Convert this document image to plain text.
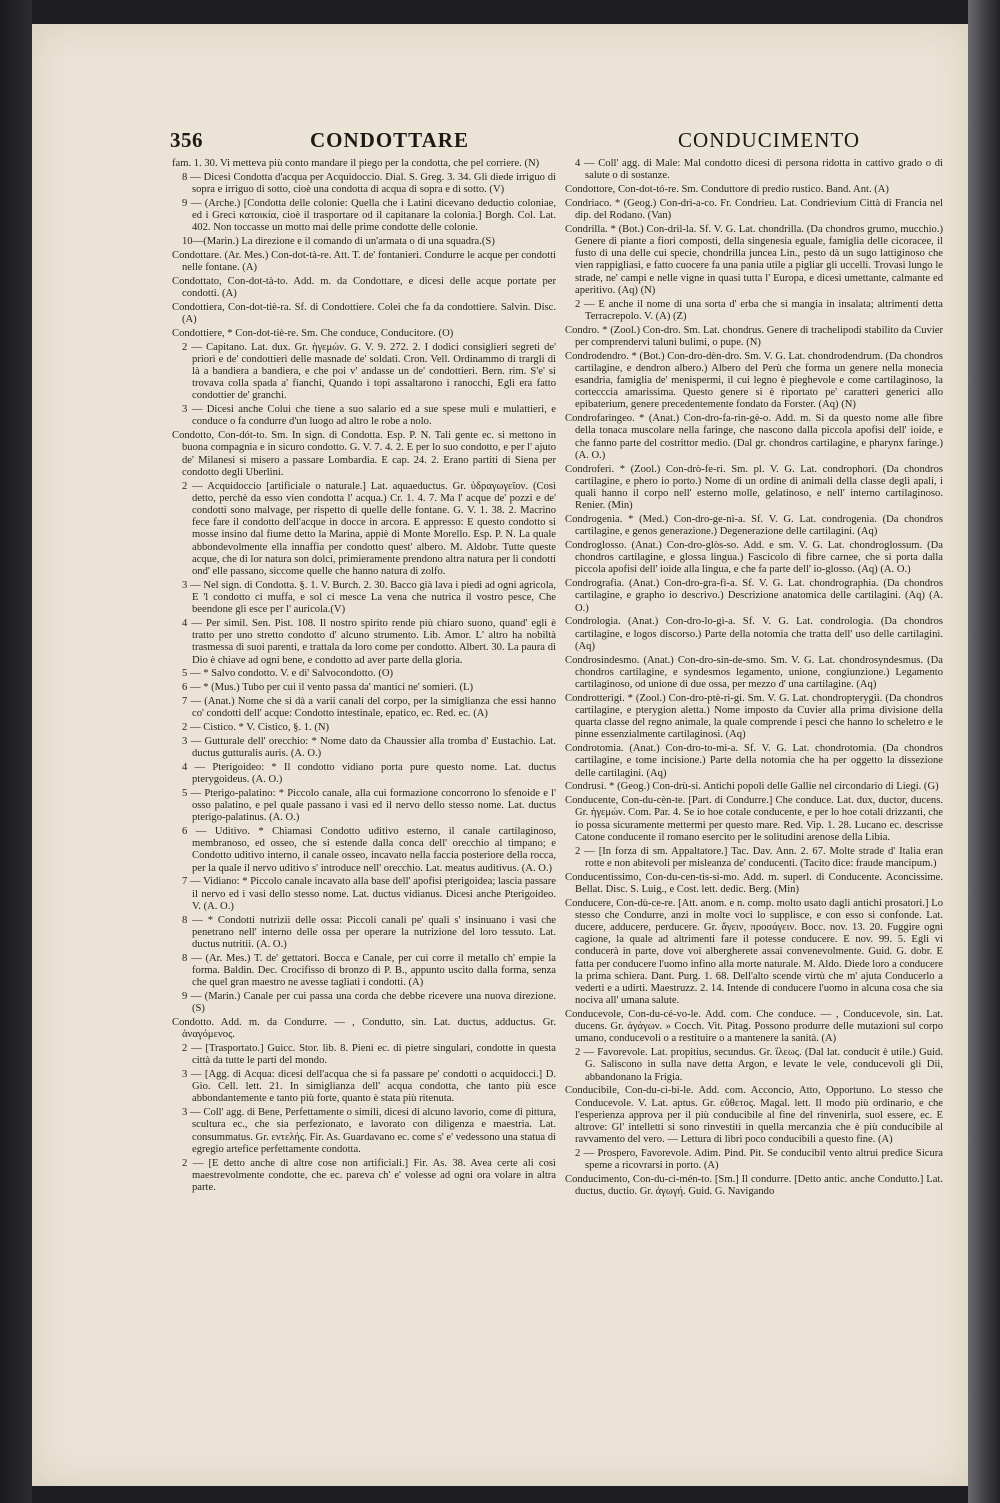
356	CONDOTTARE	CONDUCIMENTO

fam. 1. 30. Vi metteva più conto mandare il piego per la condotta, che pel corriere. (N)

8 — Dicesi Condotta d'acqua per Acquidoccio. Dial. S. Greg. 3. 34. Gli diede irriguo di sopra e irriguo di sotto, cioè una condotta di acqua di sopra e di sotto. (V)

9 — (Arche.) [Condotta delle colonie: Quella che i Latini dicevano deductio coloniae, ed i Greci κατοικία, cioè il trasportare od il capitanare la colonia.] Borgh. Col. Lat. 402. Non toccasse un motto mai delle prime condotte delle colonie.

10—(Marin.) La direzione e il comando di un'armata o di una squadra.(S)

Condottare. (Ar. Mes.) Con-dot-tà-re. Att. T. de' fontanieri. Condurre le acque per condotti nelle fontane. (A)

Condottato, Con-dot-tà-to. Add. m. da Condottare, e dicesi delle acque portate per condotti. (A)

Condottiera, Con-dot-tiè-ra. Sf. di Condottiere. Colei che fa da condottiere. Salvin. Disc. (A)

Condottiere, * Con-dot-tiè-re. Sm. Che conduce, Conducitore. (O)

2 — Capitano. Lat. dux. Gr. ἡγεμών. G. V. 9. 272. 2. I dodici consiglieri segreti de' priori e de' condottieri delle masnade de' soldati. Cron. Vell. Ordinammo di trargli di là a bandiera a bandiera, e che poi v' andasse un de' condottieri. Bern. rim. S'e' si trovava colla spada a' fianchi, Quando i topi assaltarono i ranocchi, Egli era fatto condottier de' granchi.

3 — Dicesi anche Colui che tiene a suo salario ed a sue spese muli e mulattieri, e conduce o fa condurre d'un luogo ad altro le robe a nolo.

Condotto, Con-dót-to. Sm. In sign. di Condotta. Esp. P. N. Tali gente ec. si mettono in buona compagnia e in sicuro condotto. G. V. 7. 4. 2. E per lo suo condotto, e per l' ajuto de' Milanesi si misero a passare Lombardia. E cap. 24. 2. Erano partiti di Siena per condotto degli Uberlini.

2 — Acquidoccio [artificiale o naturale.] Lat. aquaeductus. Gr. ὑδραγωγεῖον. (Così detto, perchè da esso vien condotta l' acqua.) Cr. 1. 4. 7. Ma l' acque de' pozzi e de' condotti sono malvage, per rispetto di quelle delle fontane. G. V. 1. 38. 2. Macrino fece fare il condotto dell'acque in docce in arcora. E appresso: E questo condotto si mosse insino dal fiume detto la Marina, appiè di Monte Morello. Esp. P. N. La quale abbondevolmente ella innaffia per condotto quest' albero. M. Aldobr. Tutte queste acque, che di lor natura son dolci, primieramente prendono altra natura per li condotti ond' elle passano, siccome quelle che hanno natura di zolfo.

3 — Nel sign. di Condotta. §. 1. V. Burch. 2. 30. Bacco già lava i piedi ad ogni agricola, E 'l condotto ci muffa, e sol ci mesce La vena che nutrica il vostro pesce, Che beendone gli esce per l' auricola.(V)

4 — Per simil. Sen. Pist. 108. Il nostro spirito rende più chiaro suono, quand' egli è tratto per uno stretto condotto d' alcuno strumento. Lib. Amor. L' altro ha nobiltà trasmessa di suoi parenti, e trattala da loro come per condotto. Albert. 30. La paura di Dio è chiave ad ogni bene, e condotto ad aver parte della gloria.

5 — * Salvo condotto. V. e di' Salvocondotto. (O)

6 — * (Mus.) Tubo per cui il vento passa da' mantici ne' somieri. (L)

7 — (Anat.) Nome che si dà a varii canali del corpo, per la simiglianza che essi hanno co' condotti dell' acque: Condotto intestinale, epatico, ec. Red. ec. (A)

2 — Cistico. * V. Cistico, §. 1. (N)

3 — Gutturale dell' orecchio: * Nome dato da Chaussier alla tromba d' Eustachio. Lat. ductus gutturalis auris. (A. O.)

4 — Pterigoideo: * Il condotto vidiano porta pure questo nome. Lat. ductus pterygoideus. (A. O.)

5 — Pterigo-palatino: * Piccolo canale, alla cui formazione concorrono lo sfenoide e l' osso palatino, e pel quale passano i vasi ed il nervo dello stesso nome. Lat. ductus pterigo-palatinus. (A. O.)

6 — Uditivo. * Chiamasi Condotto uditivo esterno, il canale cartilaginoso, membranoso, ed osseo, che si estende dalla conca dell' orecchio al timpano; e Condotto uditivo interno, il canale osseo, incavato nella faccia posteriore della rocca, per la quale il nervo uditivo s' introduce nell' orecchio. Lat. meatus auditivus. (A. O.)

7 — Vidiano: * Piccolo canale incavato alla base dell' apofisi pterigoidea; lascia passare il nervo ed i vasi dello stesso nome. Lat. ductus vidianus. Dicesi anche Pterigoideo. V. (A. O.)

8 — * Condotti nutrizii delle ossa: Piccoli canali pe' quali s' insinuano i vasi che penetrano nell' interno delle ossa per operare la nutrizione del loro tessuto. Lat. ductus nutritii. (A. O.)

8 — (Ar. Mes.) T. de' gettatori. Bocca e Canale, per cui corre il metallo ch' empie la forma. Baldin. Dec. Crocifisso di bronzo di P. B., appunto uscito dalla forma, senza che quel gran maestro ne avesse tagliati i condotti. (A)

9 — (Marin.) Canale per cui passa una corda che debbe ricevere una nuova direzione. (S)

Condotto. Add. m. da Condurre. — , Condutto, sin. Lat. ductus, adductus. Gr. ἀναγόμενος.

2 — [Trasportato.] Guicc. Stor. lib. 8. Pieni ec. di pietre singulari, condotte in questa città da tutte le parti del mondo.

3 — [Agg. di Acqua: dicesi dell'acqua che si fa passare pe' condotti o acquidocci.] D. Gio. Cell. lett. 21. In simiglianza dell' acqua condotta, che tanto più esce abbondantemente e tanto più forte, quanto è stata più ritenuta.

3 — Coll' agg. di Bene, Perfettamente o simili, dicesi di alcuno lavorio, come di pittura, scultura ec., che sia perfezionato, e lavorato con diligenza e maestria. Lat. consummatus. Gr. εντελής. Fir. As. Guardavano ec. come s' e' vedessono una statua di egregio artefice perfettamente condotta.

2 — [E detto anche di altre cose non artificiali.] Fir. As. 38. Avea certe ali così maestrevolmente condotte, che ec. pareva ch' e' volesse ad ogni ora volare in altra parte.

4 — Coll' agg. di Male: Mal condotto dicesi di persona ridotta in cattivo grado o di salute o di sostanze.

Condottore, Con-dot-tó-re. Sm. Conduttore di predio rustico. Band. Ant. (A)

Condriaco. * (Geog.) Con-drì-a-co. Fr. Condrieu. Lat. Condrievium Città di Francia nel dip. del Rodano. (Van)

Condrilla. * (Bot.) Con-dril-la. Sf. V. G. Lat. chondrilla. (Da chondros grumo, mucchio.) Genere di piante a fiori composti, della singenesia eguale, famiglia delle cicoracee, il fusto di una delle cui specie, chondrilla juncea Lin., pesto dà un sugo lattiginoso che vien rappigliasi, e fatto cuocere fa una pania utile a pigliar gli uccelli. Trovasi lungo le strade, ne' campi e nelle vigne in quasi tutta l' Europa, e dicesi umettante, calmante ed aperitivo. (Aq) (N)

2 — E anche il nome di una sorta d' erba che si mangia in insalata; altrimenti detta Terracrepolo. V. (A) (Z)

Condro. * (Zool.) Con-dro. Sm. Lat. chondrus. Genere di trachelipodi stabilito da Cuvier per comprendervi taluni bulimi, o pupe. (N)

Condrodendro. * (Bot.) Con-dro-dèn-dro. Sm. V. G. Lat. chondrodendrum. (Da chondros cartilagine, e dendron albero.) Albero del Perù che forma un genere nella monecia esandria, famiglia de' menispermi, il cui legno è pieghevole e come cartilaginoso, la cortecccia amarissima. Questo genere si è riportato pe' caratteri generici allo epibaterium, genere precedentemente fondato da Forster. (Aq) (N)

Condrofaringeo. * (Anat.) Con-dro-fa-rin-gè-o. Add. m. Si da questo nome alle fibre della tonaca muscolare nella faringe, che nascono dalla piccola apofisi dell' ioide, e che fanno parte del costrittor medio. (Dal gr. chondros cartilagine, e pharynx faringe.) (A. O.)

Condroferi. * (Zool.) Con-drò-fe-ri. Sm. pl. V. G. Lat. condrophori. (Da chondros cartilagine, e phero io porto.) Nome di un ordine di animali della classe degli apali, i quali hanno il corpo nell' esterno molle, gelatinoso, e nell' interno cartilaginoso. Renier. (Min)

Condrogenia. * (Med.) Con-dro-ge-nì-a. Sf. V. G. Lat. condrogenia. (Da chondros cartilagine, e genos generazione.) Degenerazione delle cartilagini. (Aq)

Condroglosso. (Anat.) Con-dro-glòs-so. Add. e sm. V. G. Lat. chondroglossum. (Da chondros cartilagine, e glossa lingua.) Fascicolo di fibre carnee, che si porta dalla piccola apofisi dell' ioide alla lingua, e che fa parte dell' io-glosso. (Aq) (A. O.)

Condrografia. (Anat.) Con-dro-gra-fì-a. Sf. V. G. Lat. chondrographia. (Da chondros cartilagine, e grapho io descrivo.) Descrizione anatomica delle cartilagini. (Aq) (A. O.)

Condrologia. (Anat.) Con-dro-lo-gì-a. Sf. V. G. Lat. condrologia. (Da chondros cartilagine, e logos discorso.) Parte della notomia che tratta dell' uso delle cartilagini. (Aq)

Condrosindesmo. (Anat.) Con-dro-sin-de-smo. Sm. V. G. Lat. chondrosyndesmus. (Da chondros cartilagine, e syndesmos legamento, unione, congiunzione.) Legamento cartilaginoso, od unione di due ossa, per mezzo d' una cartilagine. (Aq)

Condrotterigi. * (Zool.) Con-dro-ptè-ri-gi. Sm. V. G. Lat. chondropterygii. (Da chondros cartilagine, e pterygion aletta.) Nome imposto da Cuvier alla prima divisione della quarta classe del regno animale, la quale comprende i pesci che hanno lo scheletro e le pinne essenzialmente cartilaginosi. (Aq)

Condrotomia. (Anat.) Con-dro-to-mì-a. Sf. V. G. Lat. chondrotomia. (Da chondros cartilagine, e tome incisione.) Parte della notomia che ha per oggetto la dissezione delle cartilagini. (Aq)

Condrusi. * (Geog.) Con-drù-si. Antichi popoli delle Gallie nel circondario di Liegi. (G)

Conducente, Con-du-cèn-te. [Part. di Condurre.] Che conduce. Lat. dux, ductor, ducens. Gr. ἡγεμών. Com. Par. 4. Se io hoe cotale conducente, e per lo hoe cotali drizzanti, che io possa sicuramente mettermi per questo mare. Red. Vip. 1. 28. Lucano ec. descrisse Catone conducente il romano esercito per le solitudini arenose della Libia.

2 — [In forza di sm. Appaltatore.] Tac. Dav. Ann. 2. 67. Molte strade d' Italia eran rotte e non abitevoli per misleanza de' conducenti. (Tacito dice: fraude mancipum.)

Conducentissimo, Con-du-cen-tis-si-mo. Add. m. superl. di Conducente. Aconcissime. Bellat. Disc. S. Luig., e Cost. lett. dedic. Berg. (Min)

Conducere, Con-dù-ce-re. [Att. anom. e n. comp. molto usato dagli antichi prosatori.] Lo stesso che Condurre, anzi in molte voci lo supplisce, e con esso si confonde. Lat. ducere, adducere, perducere. Gr. ἄγειν, προσάγειν. Bocc. nov. 13. 20. Fuggire ogni cagione, la quale ad altrimenti fare il potesse conducere. E nov. 99. 5. Egli vi conducerà in parte, dove voi albergherete assai convenevolmente. Guid. G. dobr. E fatta per conducere l'uomo infino alla morte naturale. M. Aldo. Diede loro a conducere la prima schiera. Dant. Purg. 1. 68. Dell'alto scende virtù che m' ajuta Conducerlo a vederti e a udirti. Maestruzz. 2. 14. Intende di conducere l'uomo in alcuna cosa che sia nociva all' umana salute.

Conducevole, Con-du-cé-vo-le. Add. com. Che conduce. — , Conducevole, sin. Lat. ducens. Gr. ἀγάγων. » Cocch. Vit. Pitag. Possono produrre delle mutazioni sul corpo umano, conducevoli o a restituire o a mantenere la sanità. (A)

2 — Favorevole. Lat. propitius, secundus. Gr. ἵλεως. (Dal lat. conducit è utile.) Guid. G. Saliscono in sulla nave detta Argon, e levate le vele, conducevoli gli Dii, abbandonano la Frigia.

Conducibile, Con-du-ci-bi-le. Add. com. Acconcio, Atto, Opportuno. Lo stesso che Conducevole. V. Lat. aptus. Gr. εὔθετος. Magal. lett. Il modo più ordinario, e che l'esperienza approva per il più conducibile al fine del rinvenirla, suol essere, ec. E altrove: Gl' intelletti si sono rinvestiti in quella mercanzia che è più conducibile al ravvamento del vero. — Lettura di libri poco conducibili a questo fine. (A)

2 — Prospero, Favorevole. Adim. Pind. Pit. Se conducibil vento altrui predice Sicura speme a ricovrarsi in porto. (A)

Conducimento, Con-du-ci-mén-to. [Sm.] Il condurre. [Detto antic. anche Condutto.] Lat. ductus, ductio. Gr. ἀγωγή. Guid. G. Navigando
